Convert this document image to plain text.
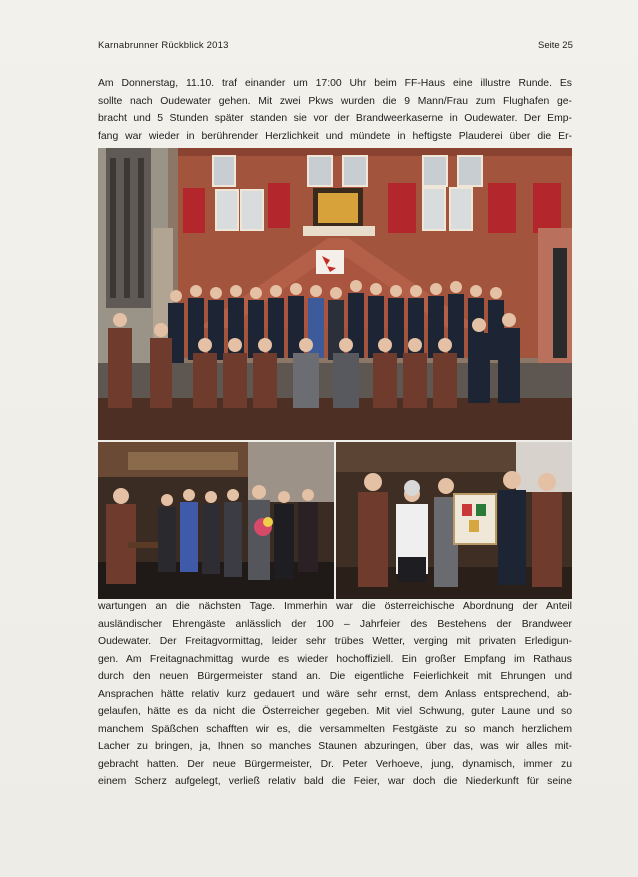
Karnabrunner Rückblick 2013	Seite 25
Am Donnerstag, 11.10. traf einander um 17:00 Uhr beim FF-Haus eine illustre Runde. Es
sollte nach Oudewater gehen. Mit zwei Pkws wurden die 9 Mann/Frau zum Flughafen ge-
bracht und 5 Stunden später standen sie vor der Brandweerkaserne in Oudewater. Der Emp-
fang war wieder in berührender Herzlichkeit und mündete in heftigste Plauderei über die Er-
wartungen an die nächsten Tage. Immerhin war die österreichische Abordnung der Anteil
ausländischer Ehrengäste anlässlich der 100 – Jahrfeier des Bestehens der Brandweer
Oudewater. Der Freitagvormittag, leider sehr trübes Wetter, verging mit privaten Erledigun-
gen. Am Freitagnachmittag wurde es wieder hochoffiziell. Ein großer Empfang im Rathaus
durch den neuen Bürgermeister stand an. Die eigentliche Feierlichkeit mit Ehrungen und
Ansprachen hätte relativ kurz gedauert und wäre sehr ernst, dem Anlass entsprechend, ab-
gelaufen, hätte es da nicht die Österreicher gegeben. Mit viel Schwung, guter Laune und so
manchem Späßchen schafften wir es, die versammelten Festgäste zu so manch herzlichem
Lacher zu bringen, ja, Ihnen so manches Staunen abzuringen, über das, was wir alles mit-
gebracht hatten. Der neue Bürgermeister, Dr. Peter Verhoeve, jung, dynamisch, immer zu
einem Scherz aufgelegt, verließ relativ bald die Feier, war doch die Niederkunft für seine
